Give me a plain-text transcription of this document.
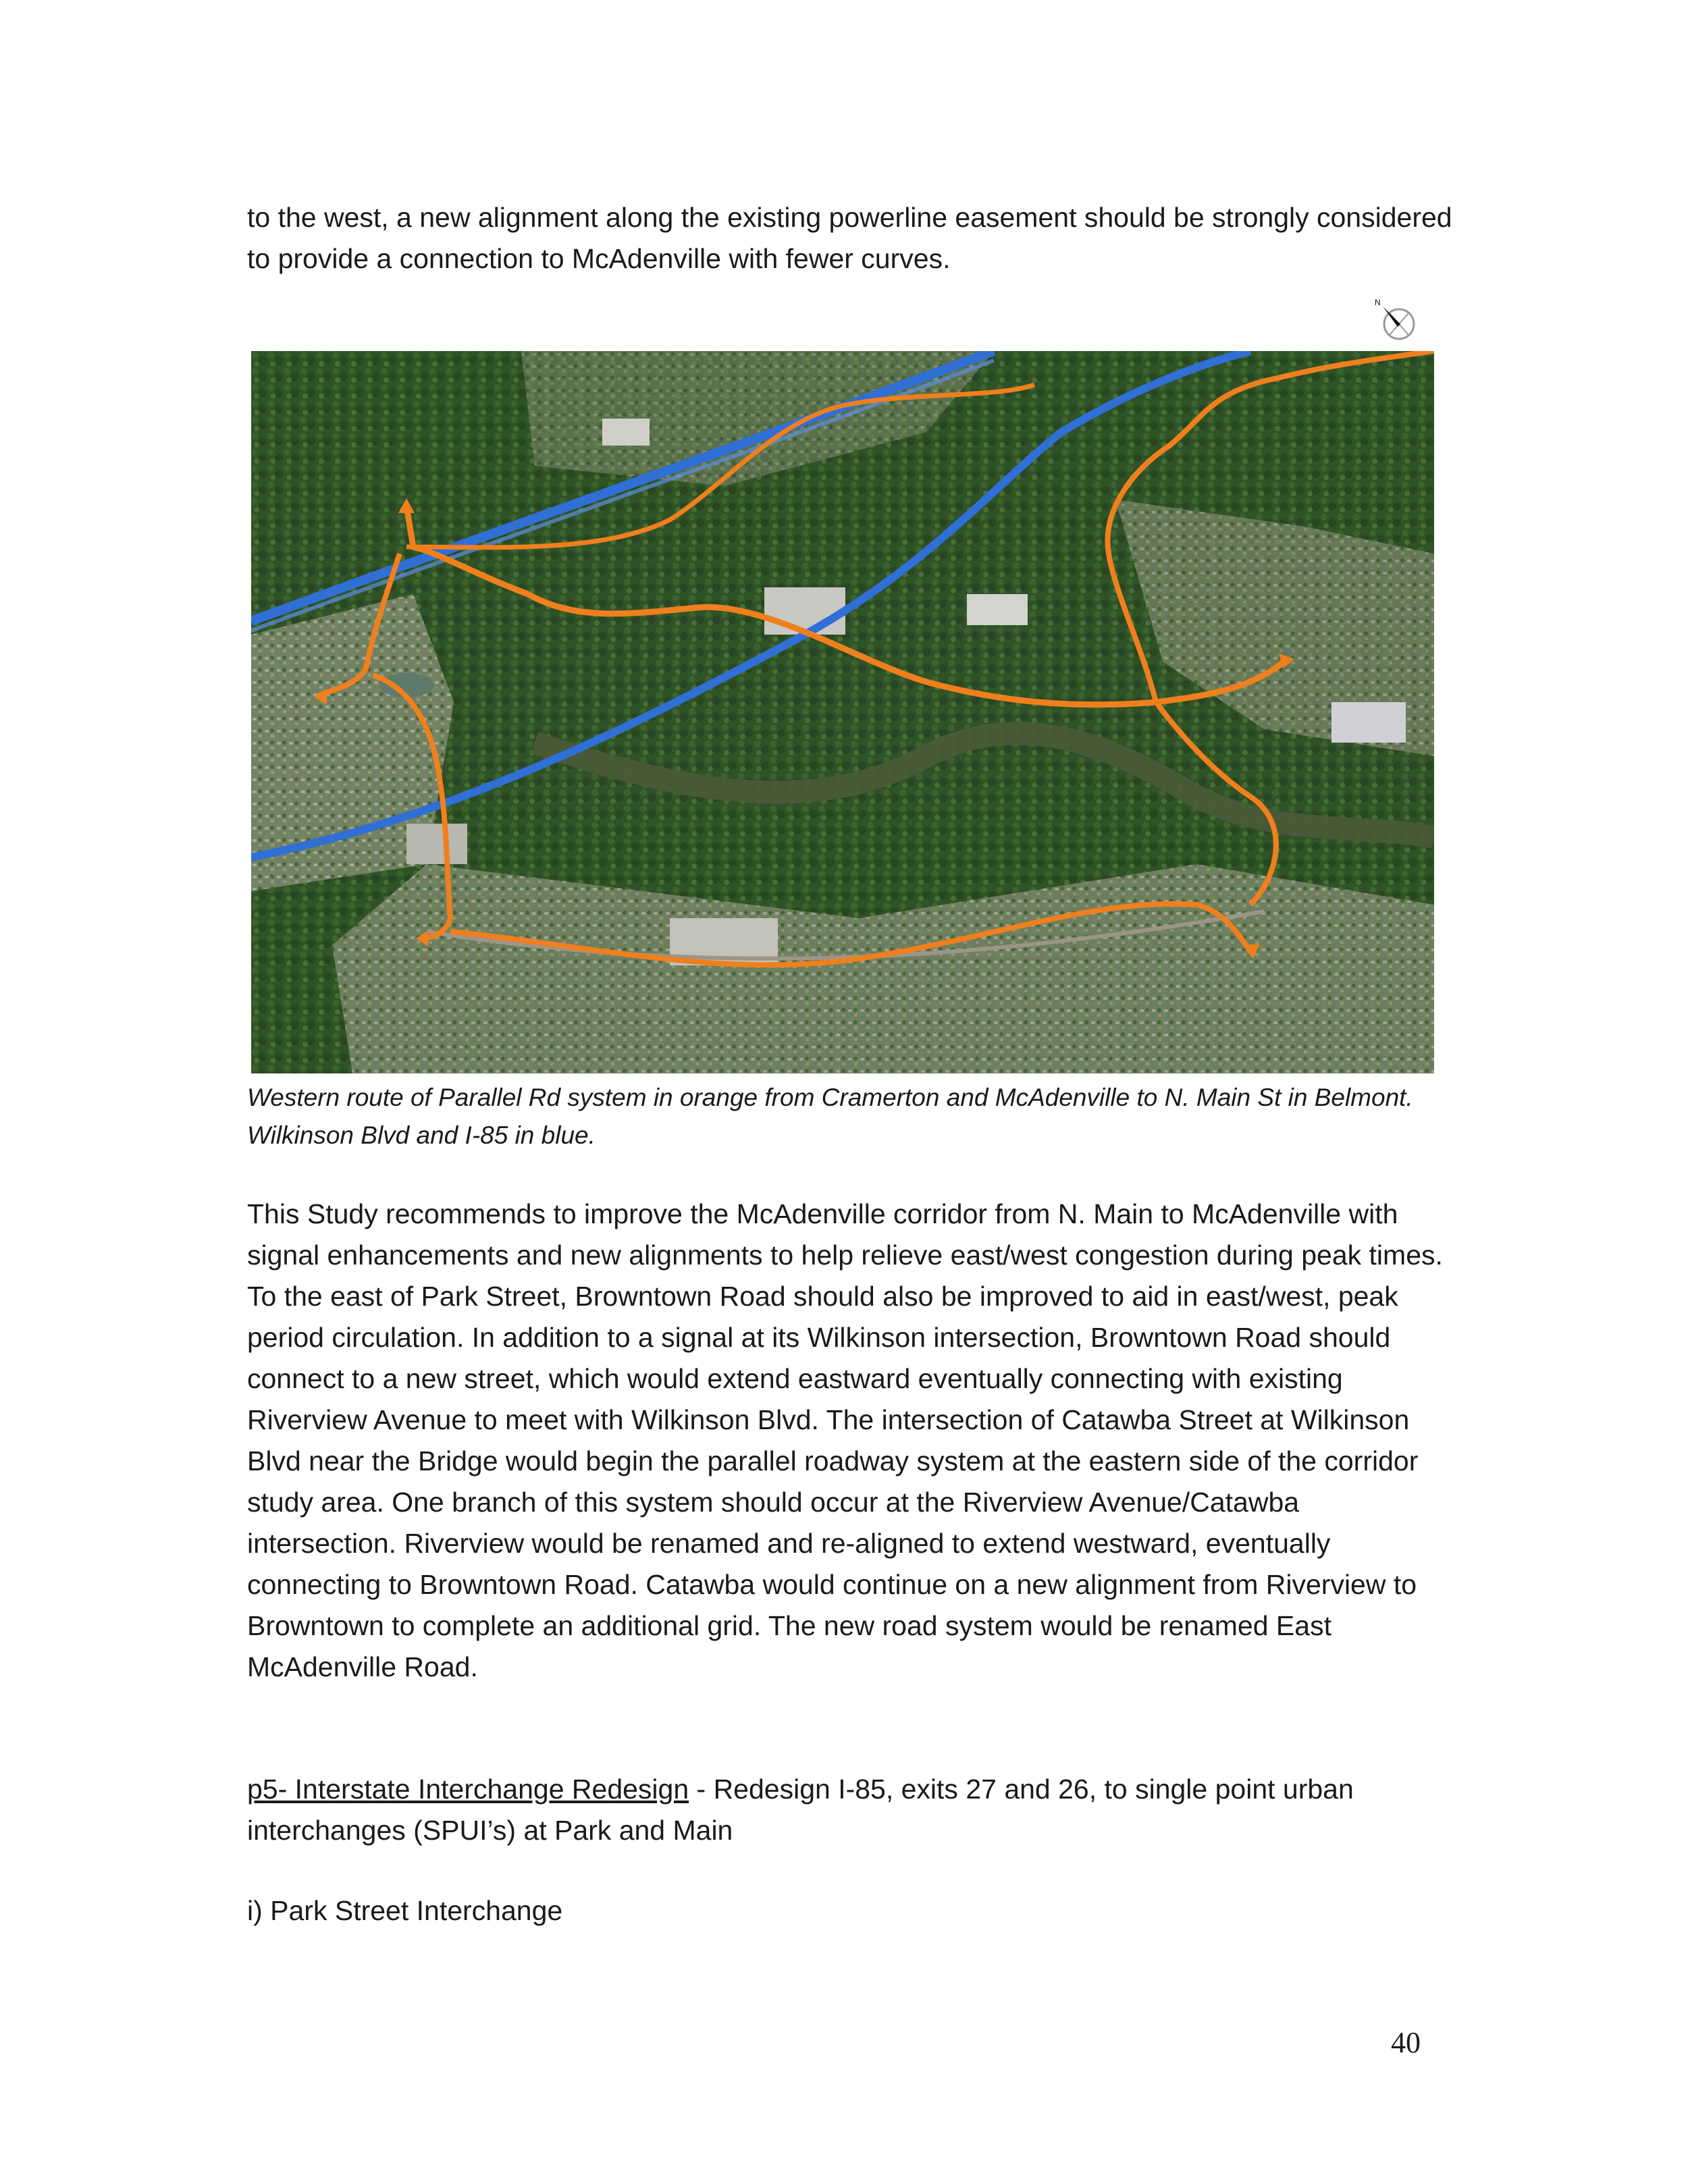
to the west, a new alignment along the existing powerline easement should be strongly considered to provide a connection to McAdenville with fewer curves.

N

Western route of Parallel Rd system in orange from Cramerton and McAdenville to N. Main St in Belmont. Wilkinson Blvd and I-85 in blue.

This Study recommends to improve the McAdenville corridor from N. Main to McAdenville with signal enhancements and new alignments to help relieve east/west congestion during peak times. To the east of Park Street, Browntown Road should also be improved to aid in east/west, peak period circulation. In addition to a signal at its Wilkinson intersection, Browntown Road should connect to a new street, which would extend eastward eventually connecting with existing Riverview Avenue to meet with Wilkinson Blvd. The intersection of Catawba Street at Wilkinson Blvd near the Bridge would begin the parallel roadway system at the eastern side of the corridor study area. One branch of this system should occur at the Riverview Avenue/Catawba intersection. Riverview would be renamed and re-aligned to extend westward, eventually connecting to Browntown Road. Catawba would continue on a new alignment from Riverview to Browntown to complete an additional grid. The new road system would be renamed East McAdenville Road.

p5- Interstate Interchange Redesign - Redesign I-85, exits 27 and 26, to single point urban interchanges (SPUI’s) at Park and Main

i) Park Street Interchange

40
